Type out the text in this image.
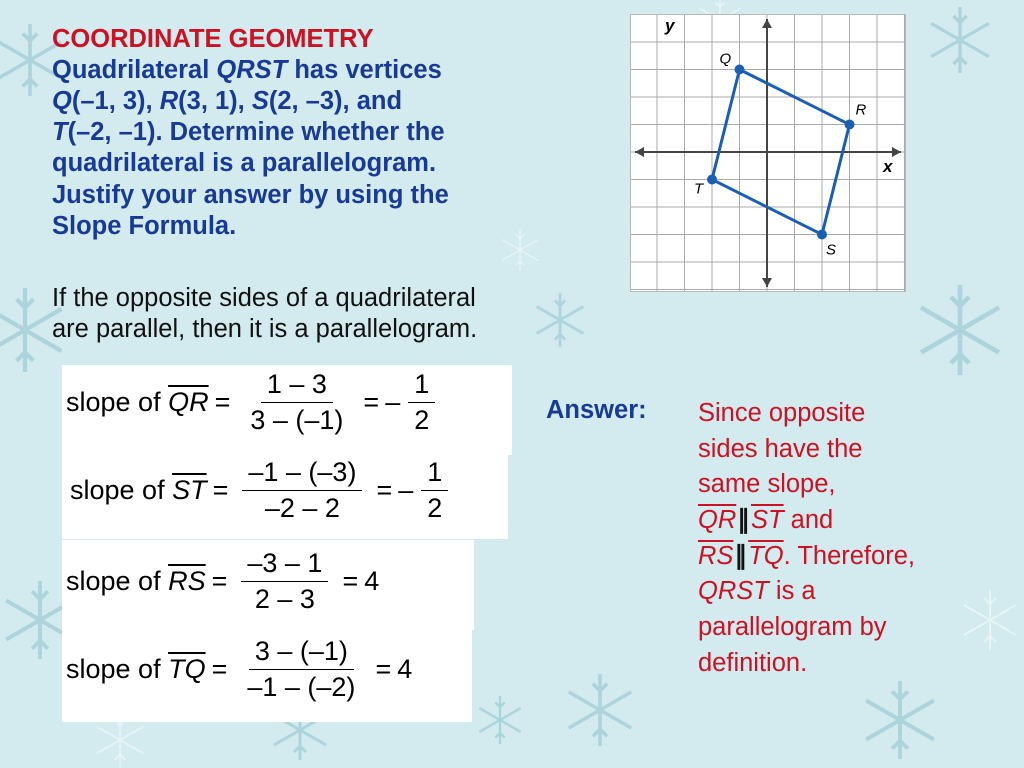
COORDINATE GEOMETRY
Quadrilateral QRST has vertices
Q(–1, 3), R(3, 1), S(2, –3), and
T(–2, –1). Determine whether the
quadrilateral is a parallelogram.
Justify your answer by using the
Slope Formula.
If the opposite sides of a quadrilateral
are parallel, then it is a parallelogram.
x
y
Q
R
S
T
slope of $\overline{QR} = \frac{1 - 3}{3 - (-1)}$ = – $\frac{1}{2}$
slope of $\overline{ST} = \frac{-1 - (-3)}{-2 - 2}$ = – $\frac{1}{2}$
slope of $\overline{RS} = \frac{-3 - 1}{2 - 3} = 4$
slope of $\overline{TQ} = \frac{3 - (-1)}{-1 - (-2)} = 4$
Answer: Since opposite
sides have the
same slope,
$\overline{QR}\parallel\overline{ST}$ and
$\overline{RS}\parallel\overline{TQ}$. Therefore,
QRST is a
parallelogram by
definition.
